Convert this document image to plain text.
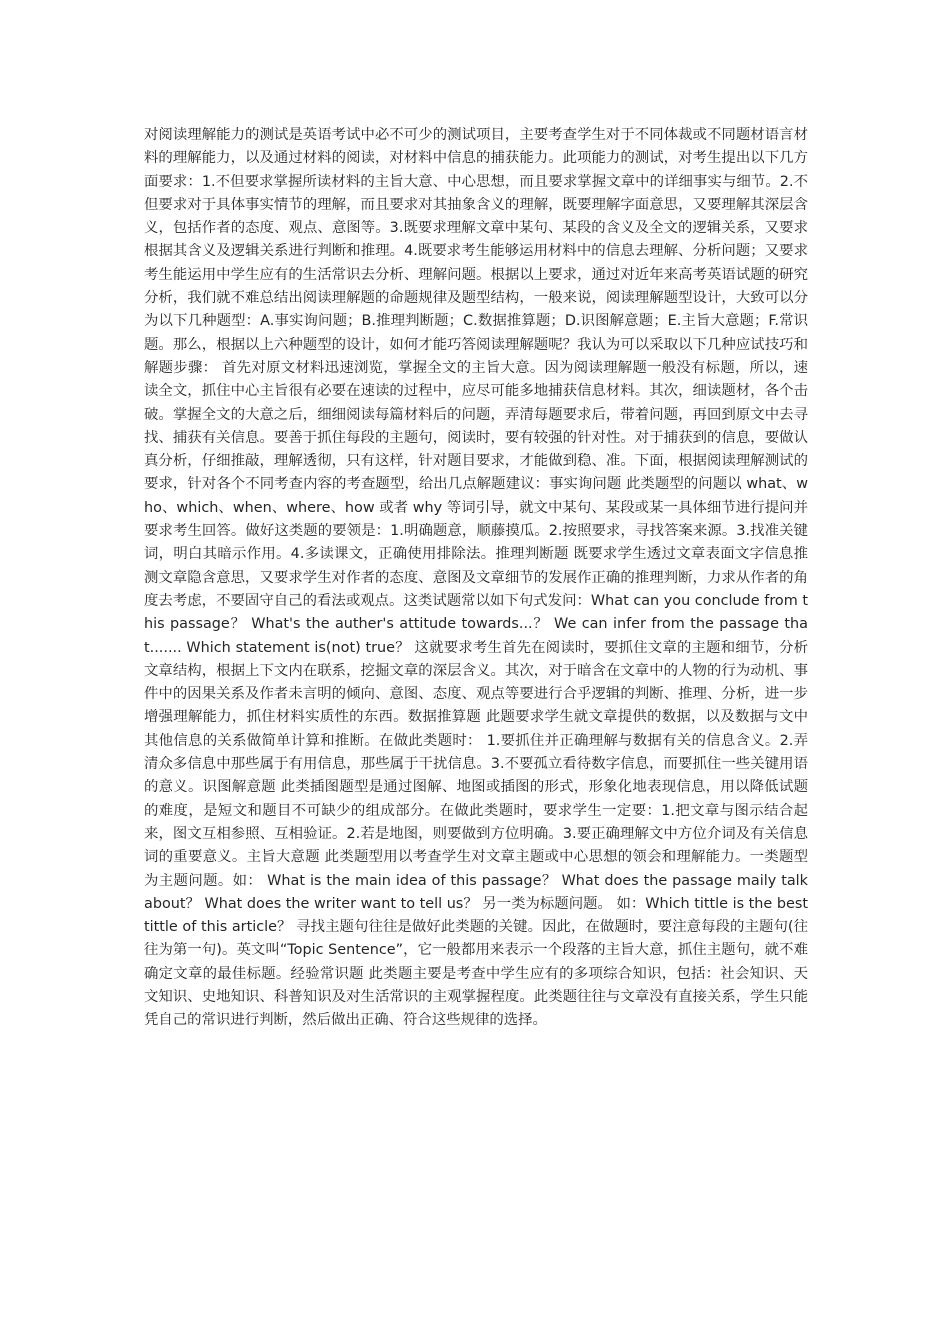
对阅读理解能力的测试是英语考试中必不可少的测试项目，主要考查学生对于不同体裁或不同题材语言材料的理解能力，以及通过材料的阅读，对材料中信息的捕获能力。此项能力的测试，对考生提出以下几方面要求：1.不但要求掌握所读材料的主旨大意、中心思想，而且要求掌握文章中的详细事实与细节。2.不但要求对于具体事实情节的理解，而且要求对其抽象含义的理解，既要理解字面意思，又要理解其深层含义，包括作者的态度、观点、意图等。3.既要求理解文章中某句、某段的含义及全文的逻辑关系，又要求根据其含义及逻辑关系进行判断和推理。4.既要求考生能够运用材料中的信息去理解、分析问题；又要求考生能运用中学生应有的生活常识去分析、理解问题。根据以上要求，通过对近年来高考英语试题的研究分析，我们就不难总结出阅读理解题的命题规律及题型结构，一般来说，阅读理解题型设计，大致可以分为以下几种题型：A.事实询问题；B.推理判断题；C.数据推算题；D.识图解意题；E.主旨大意题；F.常识题。那么，根据以上六种题型的设计，如何才能巧答阅读理解题呢？我认为可以采取以下几种应试技巧和解题步骤： 首先对原文材料迅速浏览，掌握全文的主旨大意。因为阅读理解题一般没有标题，所以，速读全文，抓住中心主旨很有必要在速读的过程中，应尽可能多地捕获信息材料。其次，细读题材，各个击破。掌握全文的大意之后，细细阅读每篇材料后的问题，弄清每题要求后，带着问题，再回到原文中去寻找、捕获有关信息。要善于抓住每段的主题句，阅读时，要有较强的针对性。对于捕获到的信息，要做认真分析，仔细推敲，理解透彻，只有这样，针对题目要求，才能做到稳、准。下面，根据阅读理解测试的要求，针对各个不同考查内容的考查题型，给出几点解题建议：事实询问题 此类题型的问题以 what、who、which、when、where、how 或者 why 等词引导，就文中某句、某段或某一具体细节进行提问并要求考生回答。做好这类题的要领是：1.明确题意，顺藤摸瓜。2.按照要求，寻找答案来源。3.找准关键词，明白其暗示作用。4.多读课文，正确使用排除法。推理判断题 既要求学生透过文章表面文字信息推测文章隐含意思，又要求学生对作者的态度、意图及文章细节的发展作正确的推理判断，力求从作者的角度去考虑，不要固守自己的看法或观点。这类试题常以如下句式发问：What can you conclude from this passage？ What's the auther's attitude towards...？ We can infer from the passage that....... Which statement is(not) true？ 这就要求考生首先在阅读时，要抓住文章的主题和细节，分析文章结构，根据上下文内在联系，挖掘文章的深层含义。其次，对于暗含在文章中的人物的行为动机、事件中的因果关系及作者未言明的倾向、意图、态度、观点等要进行合乎逻辑的判断、推理、分析，进一步增强理解能力，抓住材料实质性的东西。数据推算题 此题要求学生就文章提供的数据，以及数据与文中其他信息的关系做简单计算和推断。在做此类题时： 1.要抓住并正确理解与数据有关的信息含义。2.弄清众多信息中那些属于有用信息，那些属于干扰信息。3.不要孤立看待数字信息，而要抓住一些关键用语的意义。识图解意题 此类插图题型是通过图解、地图或插图的形式，形象化地表现信息，用以降低试题的难度，是短文和题目不可缺少的组成部分。在做此类题时，要求学生一定要：1.把文章与图示结合起来，图文互相参照、互相验证。2.若是地图，则要做到方位明确。3.要正确理解文中方位介词及有关信息词的重要意义。主旨大意题 此类题型用以考查学生对文章主题或中心思想的领会和理解能力。一类题型为主题问题。如： What is the main idea of this passage？ What does the passage maily talk about？ What does the writer want to tell us？ 另一类为标题问题。 如：Which tittle is the best tittle of this article？ 寻找主题句往往是做好此类题的关键。因此，在做题时，要注意每段的主题句(往往为第一句)。英文叫“Topic Sentence”，它一般都用来表示一个段落的主旨大意，抓住主题句，就不难确定文章的最佳标题。经验常识题 此类题主要是考查中学生应有的多项综合知识，包括：社会知识、天文知识、史地知识、科普知识及对生活常识的主观掌握程度。此类题往往与文章没有直接关系，学生只能凭自己的常识进行判断，然后做出正确、符合这些规律的选择。
